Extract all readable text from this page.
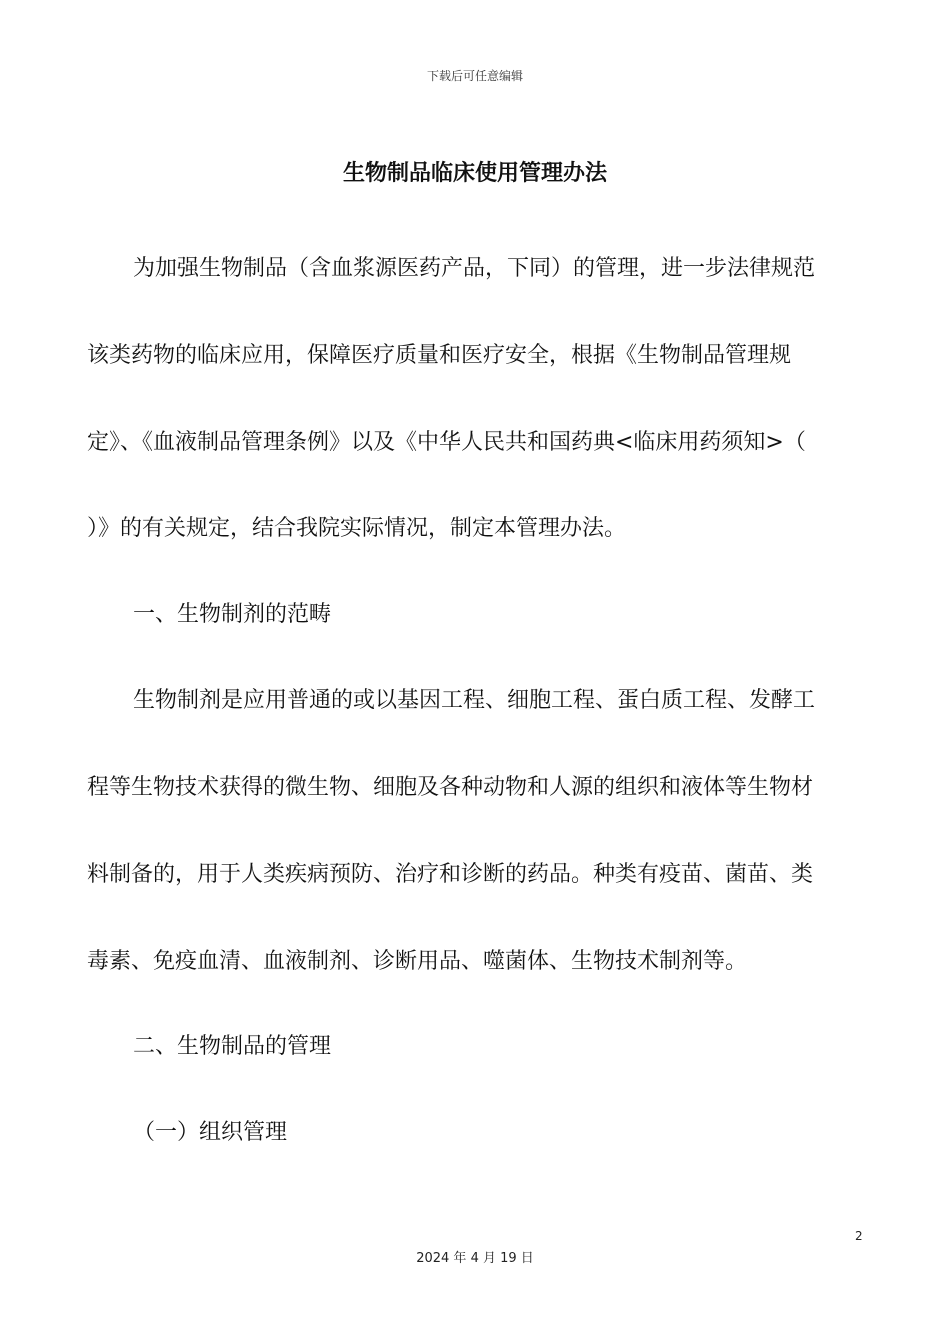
下载后可任意编辑
生物制品临床使用管理办法
为加强生物制品（含血浆源医药产品，下同）的管理，进一步法律规范
该类药物的临床应用，保障医疗质量和医疗安全，根据《生物制品管理规
定》、《血液制品管理条例》以及《中华人民共和国药典<临床用药须知>（
）》的有关规定，结合我院实际情况，制定本管理办法。
一、生物制剂的范畴
生物制剂是应用普通的或以基因工程、细胞工程、蛋白质工程、发酵工
程等生物技术获得的微生物、细胞及各种动物和人源的组织和液体等生物材
料制备的，用于人类疾病预防、治疗和诊断的药品。种类有疫苗、菌苗、类
毒素、免疫血清、血液制剂、诊断用品、噬菌体、生物技术制剂等。
二、生物制品的管理
（一）组织管理
2
2024 年 4 月 19 日
